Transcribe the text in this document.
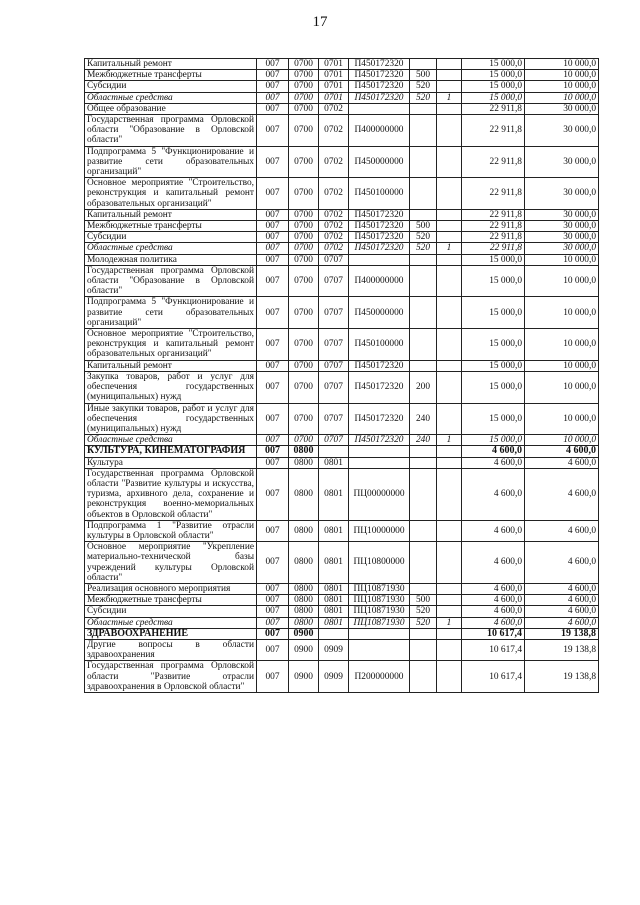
17
Капитальный ремонт	007	0700	0701	П450172320			15 000,0	10 000,0
Межбюджетные трансферты	007	0700	0701	П450172320	500		15 000,0	10 000,0
Субсидии	007	0700	0701	П450172320	520		15 000,0	10 000,0
Областные средства	007	0700	0701	П450172320	520	1	15 000,0	10 000,0
Общее образование	007	0700	0702				22 911,8	30 000,0
Государственная программа Орловской области "Образование в Орловской области"	007	0700	0702	П400000000			22 911,8	30 000,0
Подпрограмма 5 "Функционирование и развитие сети образовательных организаций"	007	0700	0702	П450000000			22 911,8	30 000,0
Основное мероприятие "Строительство, реконструкция и капитальный ремонт образовательных организаций"	007	0700	0702	П450100000			22 911,8	30 000,0
Капитальный ремонт	007	0700	0702	П450172320			22 911,8	30 000,0
Межбюджетные трансферты	007	0700	0702	П450172320	500		22 911,8	30 000,0
Субсидии	007	0700	0702	П450172320	520		22 911,8	30 000,0
Областные средства	007	0700	0702	П450172320	520	1	22 911,8	30 000,0
Молодежная политика	007	0700	0707				15 000,0	10 000,0
Государственная программа Орловской области "Образование в Орловской области"	007	0700	0707	П400000000			15 000,0	10 000,0
Подпрограмма 5 "Функционирование и развитие сети образовательных организаций"	007	0700	0707	П450000000			15 000,0	10 000,0
Основное мероприятие "Строительство, реконструкция и капитальный ремонт образовательных организаций"	007	0700	0707	П450100000			15 000,0	10 000,0
Капитальный ремонт	007	0700	0707	П450172320			15 000,0	10 000,0
Закупка товаров, работ и услуг для обеспечения государственных (муниципальных) нужд	007	0700	0707	П450172320	200		15 000,0	10 000,0
Иные закупки товаров, работ и услуг для обеспечения государственных (муниципальных) нужд	007	0700	0707	П450172320	240		15 000,0	10 000,0
Областные средства	007	0700	0707	П450172320	240	1	15 000,0	10 000,0
КУЛЬТУРА, КИНЕМАТОГРАФИЯ	007	0800					4 600,0	4 600,0
Культура	007	0800	0801				4 600,0	4 600,0
Государственная программа Орловской области "Развитие культуры и искусства, туризма, архивного дела, сохранение и реконструкция военно-мемориальных объектов в Орловской области"	007	0800	0801	ПЦ00000000			4 600,0	4 600,0
Подпрограмма 1 "Развитие отрасли культуры в Орловской области"	007	0800	0801	ПЦ10000000			4 600,0	4 600,0
Основное мероприятие "Укрепление материально-технической базы учреждений культуры Орловской области"	007	0800	0801	ПЦ10800000			4 600,0	4 600,0
Реализация основного мероприятия	007	0800	0801	ПЦ10871930			4 600,0	4 600,0
Межбюджетные трансферты	007	0800	0801	ПЦ10871930	500		4 600,0	4 600,0
Субсидии	007	0800	0801	ПЦ10871930	520		4 600,0	4 600,0
Областные средства	007	0800	0801	ПЦ10871930	520	1	4 600,0	4 600,0
ЗДРАВООХРАНЕНИЕ	007	0900					10 617,4	19 138,8
Другие вопросы в области здравоохранения	007	0900	0909				10 617,4	19 138,8
Государственная программа Орловской области "Развитие отрасли здравоохранения в Орловской области"	007	0900	0909	П200000000			10 617,4	19 138,8
